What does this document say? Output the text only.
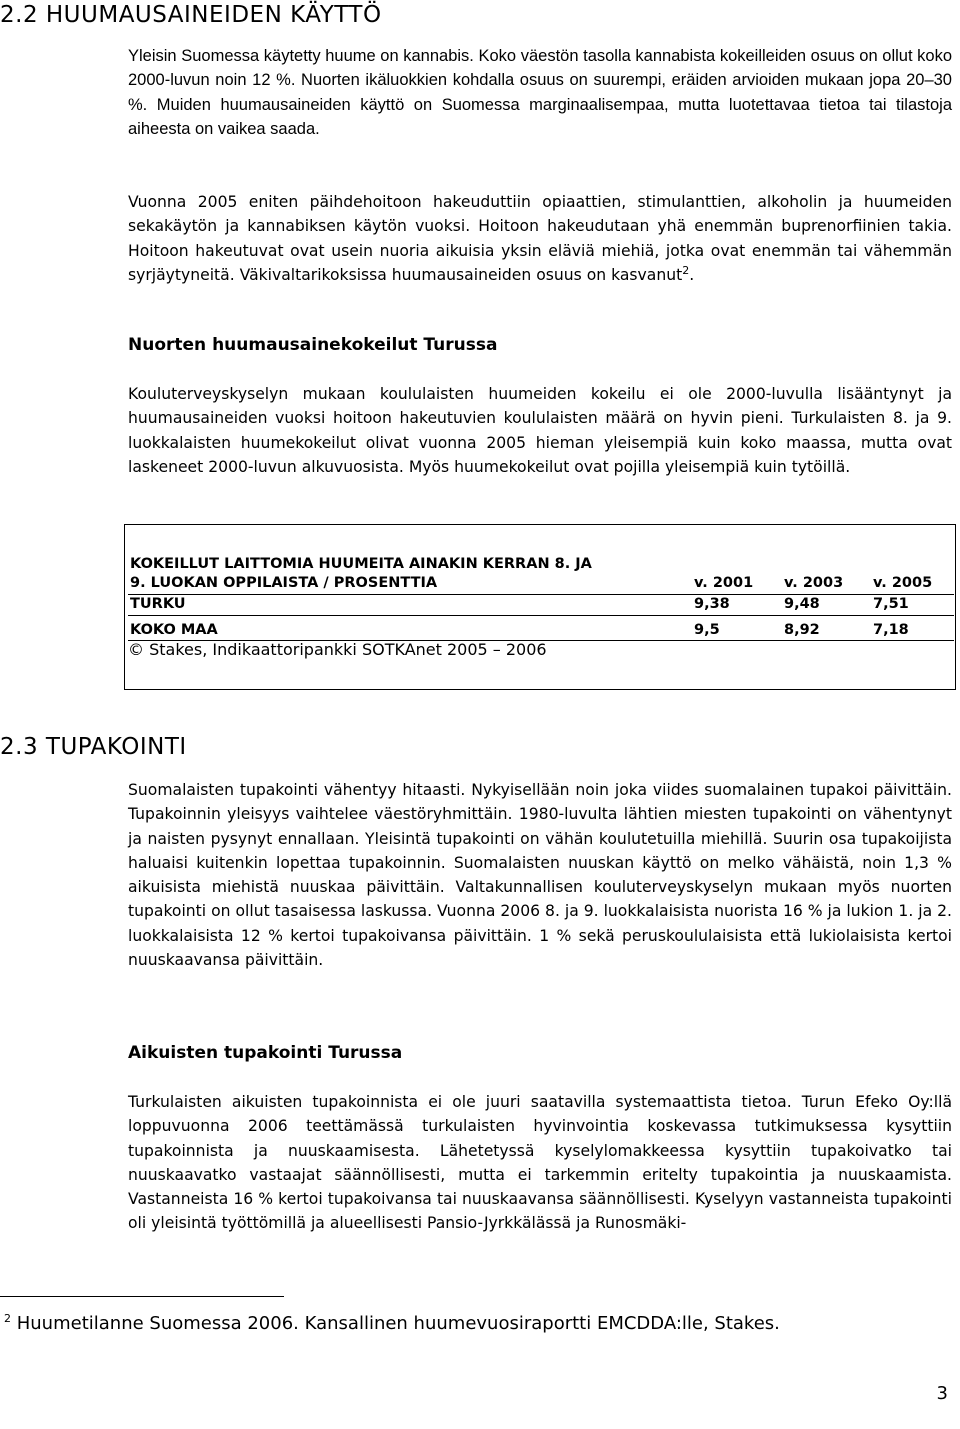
2.2 HUUMAUSAINEIDEN KÄYTTÖ
Yleisin Suomessa käytetty huume on kannabis. Koko väestön tasolla kannabista kokeilleiden osuus on ollut koko 2000-luvun noin 12 %. Nuorten ikäluokkien kohdalla osuus on suurempi, eräiden arvioiden mukaan jopa 20–30 %. Muiden huumausaineiden käyttö on Suomessa marginaalisempaa, mutta luotettavaa tietoa tai tilastoja aiheesta on vaikea saada.
Vuonna 2005 eniten päihdehoitoon hakeuduttiin opiaattien, stimulanttien, alkoholin ja huumeiden sekakäytön ja kannabiksen käytön vuoksi. Hoitoon hakeudutaan yhä enemmän buprenorfiinien takia. Hoitoon hakeutuvat ovat usein nuoria aikuisia yksin eläviä miehiä, jotka ovat enemmän tai vähemmän syrjäytyneitä. Väkivaltarikoksissa huumausaineiden osuus on kasvanut$^2$.
Nuorten huumausainekokeilut Turussa
Kouluterveyskyselyn mukaan koululaisten huumeiden kokeilu ei ole 2000-luvulla lisääntynyt ja huumausaineiden vuoksi hoitoon hakeutuvien koululaisten määrä on hyvin pieni. Turkulaisten 8. ja 9. luokkalaisten huumekokeilut olivat vuonna 2005 hieman yleisempiä kuin koko maassa, mutta ovat laskeneet 2000-luvun alkuvuosista. Myös huumekokeilut ovat pojilla yleisempiä kuin tytöillä.
KOKEILLUT LAITTOMIA HUUMEITA AINAKIN KERRAN 8. JA
9. LUOKAN OPPILAISTA / PROSENTTIA	v. 2001 v. 2003 v. 2005
TURKU	9,38	9,48	7,51
KOKO MAA	9,5	8,92	7,18
© Stakes, Indikaattoripankki SOTKAnet 2005 – 2006
2.3 TUPAKOINTI
Suomalaisten tupakointi vähentyy hitaasti. Nykyisellään noin joka viides suomalainen tupakoi päivittäin. Tupakoinnin yleisyys vaihtelee väestöryhmittäin. 1980-luvulta lähtien miesten tupakointi on vähentynyt ja naisten pysynyt ennallaan. Yleisintä tupakointi on vähän koulutetuilla miehillä. Suurin osa tupakoijista haluaisi kuitenkin lopettaa tupakoinnin. Suomalaisten nuuskan käyttö on melko vähäistä, noin 1,3 % aikuisista miehistä nuuskaa päivittäin. Valtakunnallisen kouluterveyskyselyn mukaan myös nuorten tupakointi on ollut tasaisessa laskussa. Vuonna 2006 8. ja 9. luokkalaisista nuorista 16 % ja lukion 1. ja 2. luokkalaisista 12 % kertoi tupakoivansa päivittäin. 1 % sekä peruskoululaisista että lukiolaisista kertoi nuuskaavansa päivittäin.
Aikuisten tupakointi Turussa
Turkulaisten aikuisten tupakoinnista ei ole juuri saatavilla systemaattista tietoa. Turun Efeko Oy:llä loppuvuonna 2006 teettämässä turkulaisten hyvinvointia koskevassa tutkimuksessa kysyttiin tupakoinnista ja nuuskaamisesta. Lähetetyssä kyselylomakkeessa kysyttiin tupakoivatko tai nuuskaavatko vastaajat säännöllisesti, mutta ei tarkemmin eritelty tupakointia ja nuuskaamista. Vastanneista 16 % kertoi tupakoivansa tai nuuskaavansa säännöllisesti. Kyselyyn vastanneista tupakointi oli yleisintä työttömillä ja alueellisesti Pansio-Jyrkkälässä ja Runosmäki-
$^2$ Huumetilanne Suomessa 2006. Kansallinen huumevuosiraportti EMCDDA:lle, Stakes.
3
